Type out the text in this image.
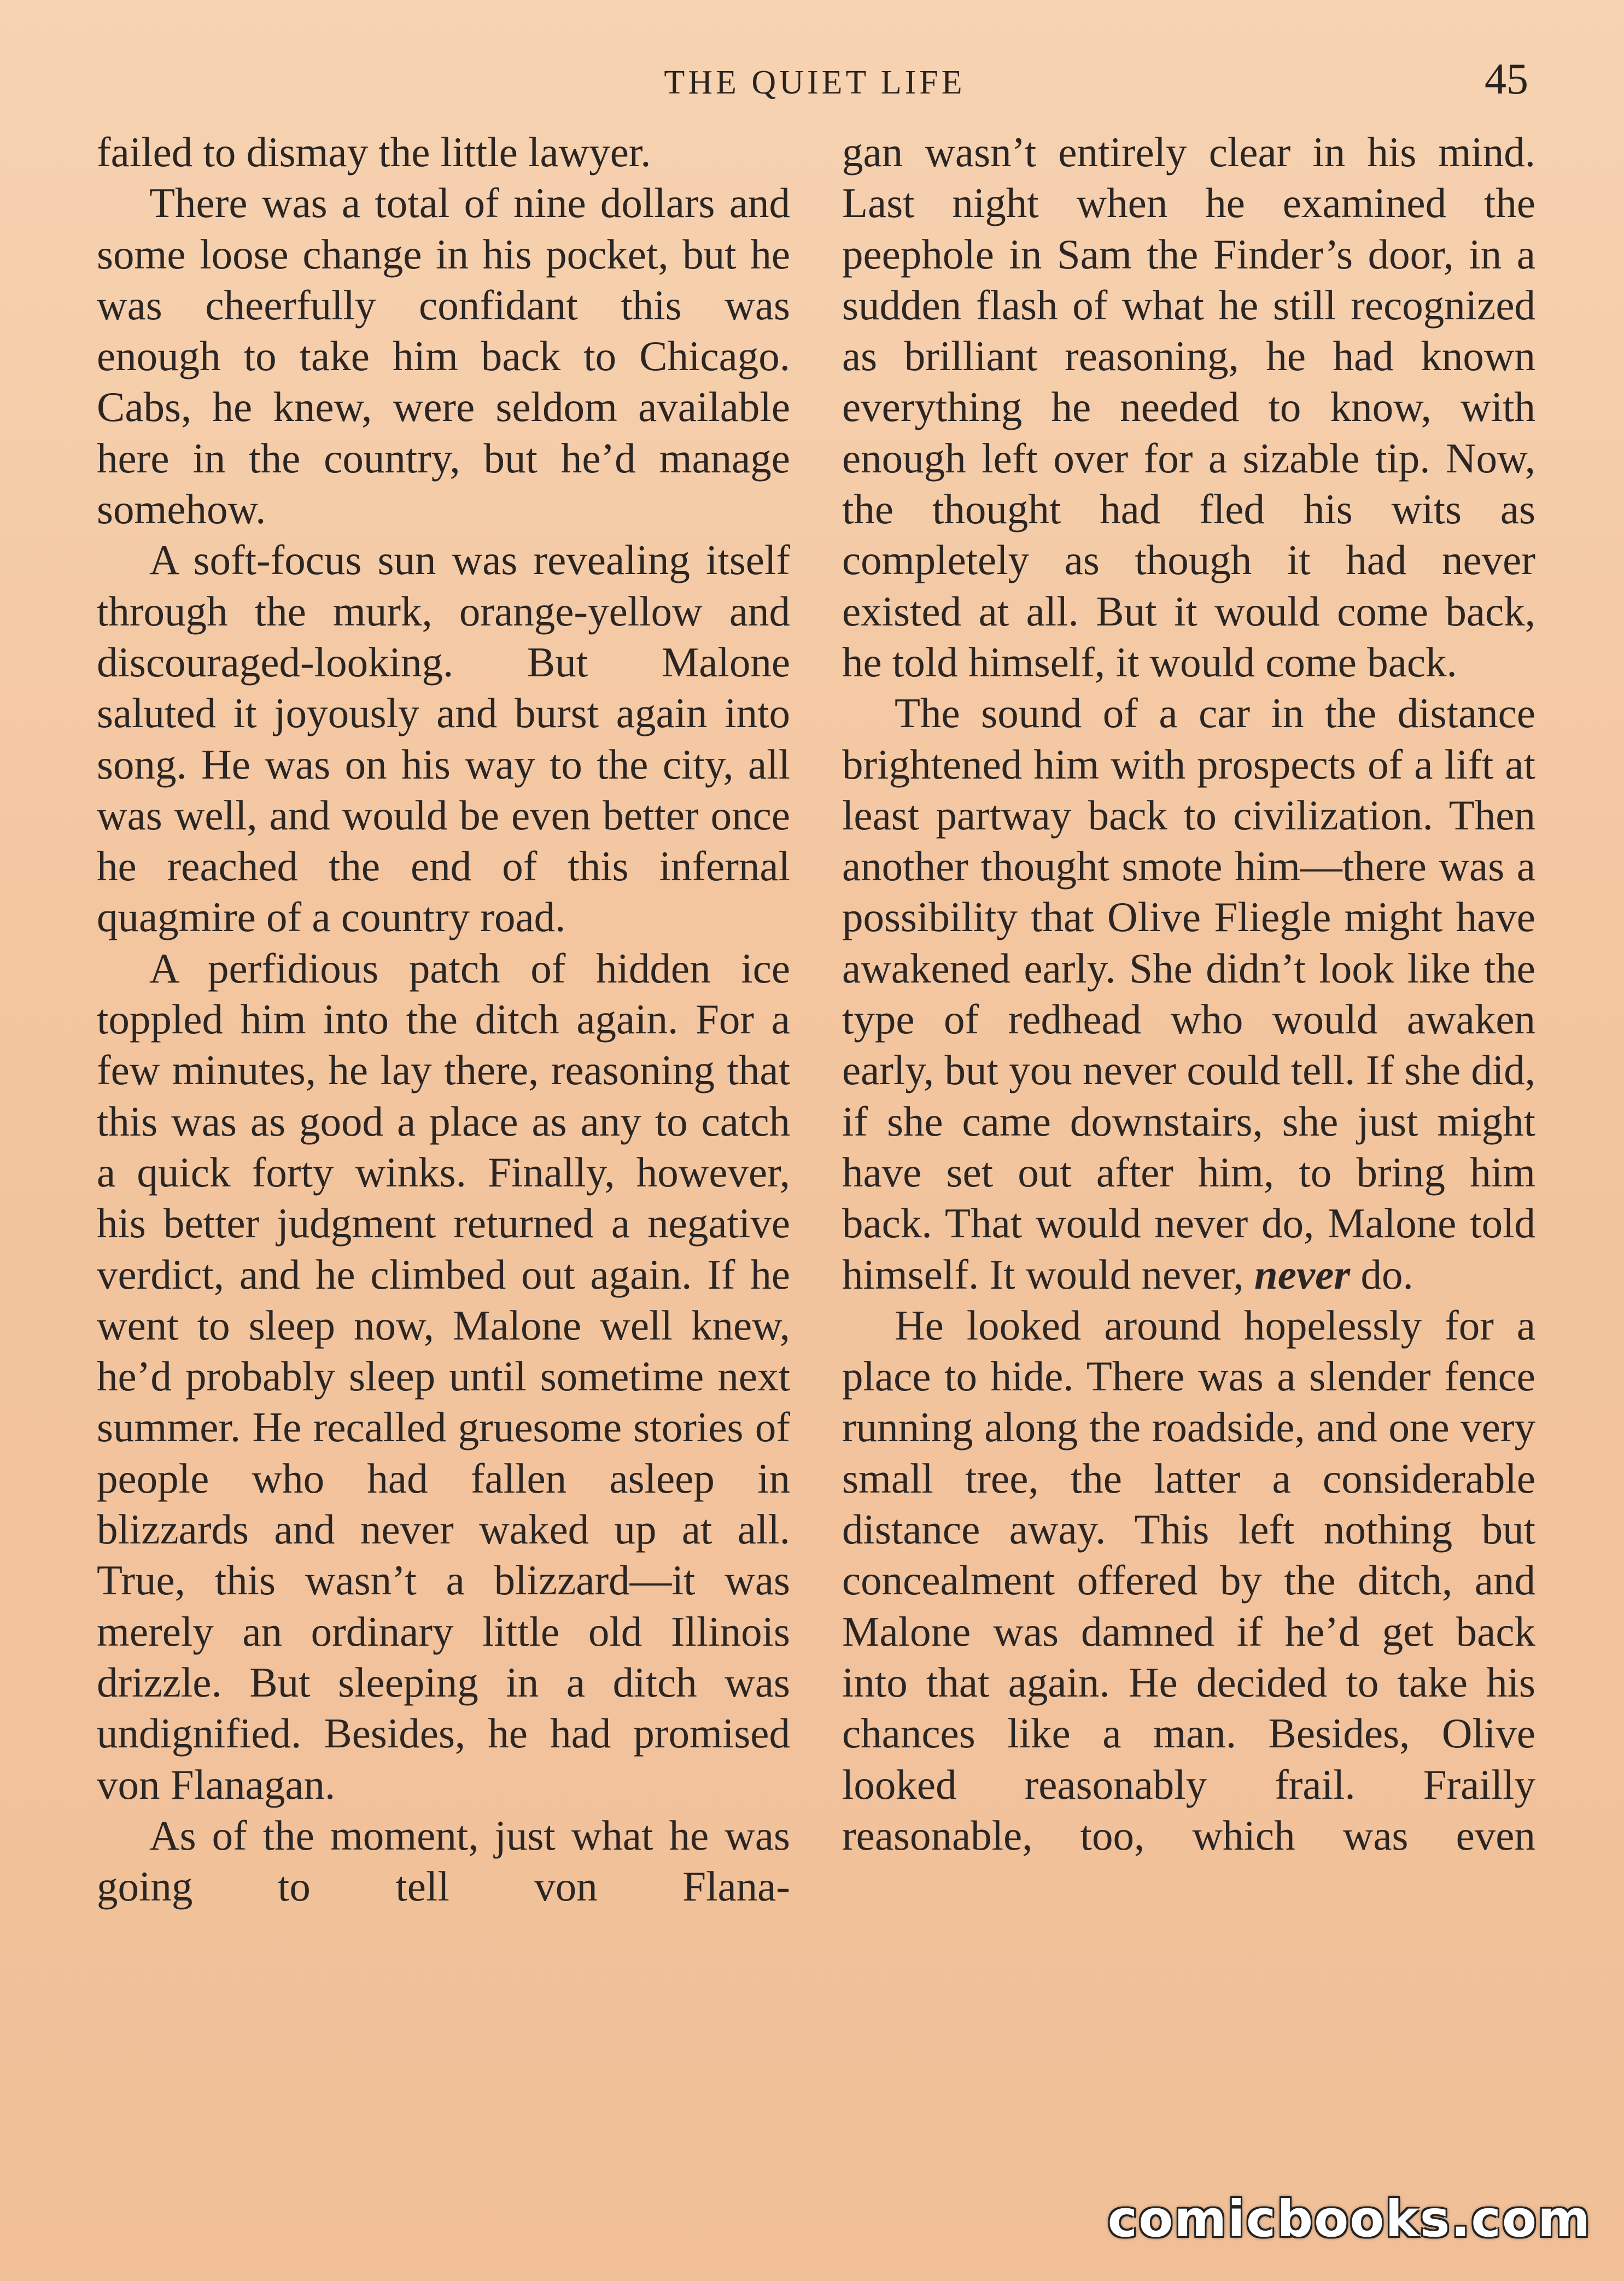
THE QUIET LIFE	45

failed to dismay the little lawyer.

There was a total of nine dollars and some loose change in his pocket, but he was cheerfully confidant this was enough to take him back to Chicago. Cabs, he knew, were seldom available here in the country, but he’d manage somehow.

A soft-focus sun was revealing itself through the murk, orange-yellow and discouraged-looking. But Malone saluted it joyously and burst again into song. He was on his way to the city, all was well, and would be even better once he reached the end of this infernal quagmire of a country road.

A perfidious patch of hidden ice toppled him into the ditch again. For a few minutes, he lay there, reasoning that this was as good a place as any to catch a quick forty winks. Finally, however, his better judgment returned a negative verdict, and he climbed out again. If he went to sleep now, Malone well knew, he’d probably sleep until sometime next summer. He recalled gruesome stories of people who had fallen asleep in blizzards and never waked up at all. True, this wasn’t a blizzard—it was merely an ordinary little old Illinois drizzle. But sleeping in a ditch was undignified. Besides, he had promised von Flanagan.

As of the moment, just what he was going to tell von Flana-

gan wasn’t entirely clear in his mind. Last night when he examined the peephole in Sam the Finder’s door, in a sudden flash of what he still recognized as brilliant reasoning, he had known everything he needed to know, with enough left over for a sizable tip. Now, the thought had fled his wits as completely as though it had never existed at all. But it would come back, he told himself, it would come back.

The sound of a car in the distance brightened him with prospects of a lift at least partway back to civilization. Then another thought smote him—there was a possibility that Olive Fliegle might have awakened early. She didn’t look like the type of redhead who would awaken early, but you never could tell. If she did, if she came downstairs, she just might have set out after him, to bring him back. That would never do, Malone told himself. It would never, never do.

He looked around hopelessly for a place to hide. There was a slender fence running along the roadside, and one very small tree, the latter a considerable distance away. This left nothing but concealment offered by the ditch, and Malone was damned if he’d get back into that again. He decided to take his chances like a man. Besides, Olive looked reasonably frail. Frailly reasonable, too, which was even

comicbooks.com
